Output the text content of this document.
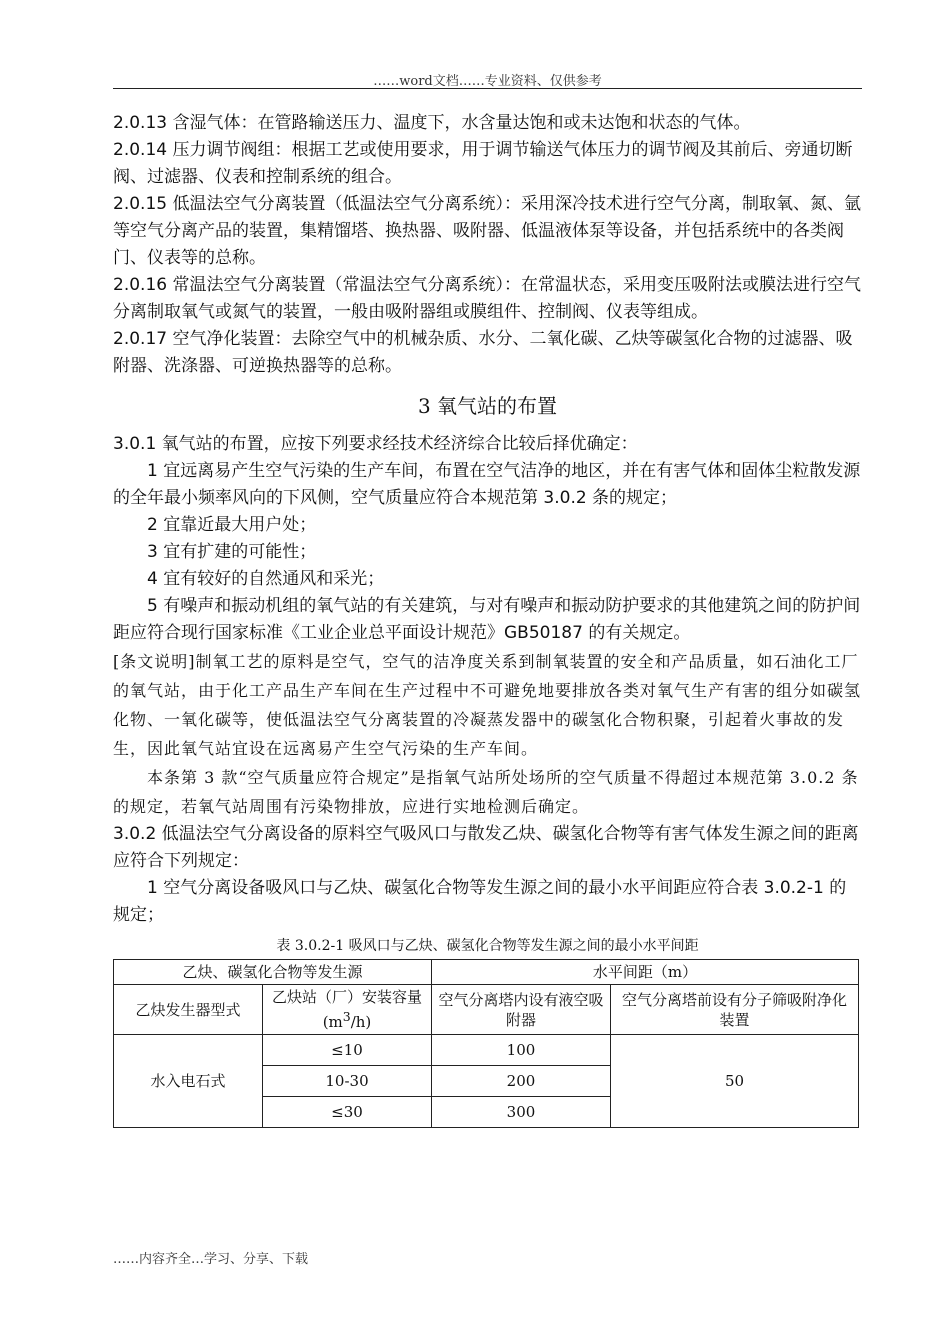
……word文档……专业资料、仅供参考

2.0.13 含湿气体：在管路输送压力、温度下，水含量达饱和或未达饱和状态的气体。

2.0.14 压力调节阀组：根据工艺或使用要求，用于调节输送气体压力的调节阀及其前后、旁通切断阀、过滤器、仪表和控制系统的组合。

2.0.15 低温法空气分离装置（低温法空气分离系统）：采用深冷技术进行空气分离，制取氧、氮、氩等空气分离产品的装置，集精馏塔、换热器、吸附器、低温液体泵等设备，并包括系统中的各类阀门、仪表等的总称。

2.0.16 常温法空气分离装置（常温法空气分离系统）：在常温状态，采用变压吸附法或膜法进行空气分离制取氧气或氮气的装置，一般由吸附器组或膜组件、控制阀、仪表等组成。

2.0.17 空气净化装置：去除空气中的机械杂质、水分、二氧化碳、乙炔等碳氢化合物的过滤器、吸附器、洗涤器、可逆换热器等的总称。

3 氧气站的布置

3.0.1 氧气站的布置，应按下列要求经技术经济综合比较后择优确定：

1 宜远离易产生空气污染的生产车间，布置在空气洁净的地区，并在有害气体和固体尘粒散发源的全年最小频率风向的下风侧，空气质量应符合本规范第 3.0.2 条的规定；

2 宜靠近最大用户处；

3 宜有扩建的可能性；

4 宜有较好的自然通风和采光；

5 有噪声和振动机组的氧气站的有关建筑，与对有噪声和振动防护要求的其他建筑之间的防护间距应符合现行国家标准《工业企业总平面设计规范》GB50187 的有关规定。

[条文说明]制氧工艺的原料是空气，空气的洁净度关系到制氧装置的安全和产品质量，如石油化工厂的氧气站，由于化工产品生产车间在生产过程中不可避免地要排放各类对氧气生产有害的组分如碳氢化物、一氧化碳等，使低温法空气分离装置的冷凝蒸发器中的碳氢化合物积聚，引起着火事故的发生，因此氧气站宜设在远离易产生空气污染的生产车间。

本条第 3 款“空气质量应符合规定”是指氧气站所处场所的空气质量不得超过本规范第 3.0.2 条的规定，若氧气站周围有污染物排放，应进行实地检测后确定。

3.0.2 低温法空气分离设备的原料空气吸风口与散发乙炔、碳氢化合物等有害气体发生源之间的距离应符合下列规定：

1 空气分离设备吸风口与乙炔、碳氢化合物等发生源之间的最小水平间距应符合表 3.0.2-1 的规定；

表 3.0.2-1 吸风口与乙炔、碳氢化合物等发生源之间的最小水平间距
乙炔、碳氢化合物等发生源		水平间距（m）	
乙炔发生器型式	乙炔站（厂）安装容量$(m^3/h)$	空气分离塔内设有液空吸附器	空气分离塔前设有分子筛吸附净化装置
水入电石式	≤10	100	50
	10-30	200	
	≤30	300	
……内容齐全…学习、分享、下载
